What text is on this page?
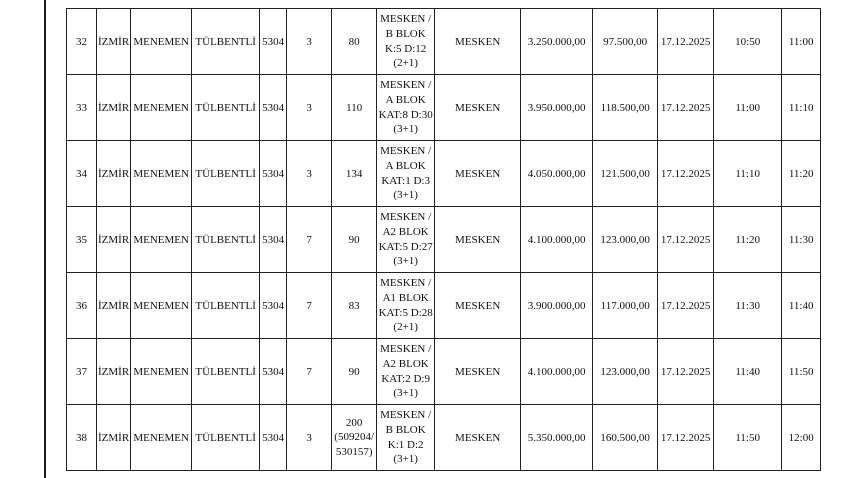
32	İZMİR	MENEMEN	TÜLBENTLİ	5304	3	80	MESKEN / B BLOK K:5 D:12 (2+1)	MESKEN	3.250.000,00	97.500,00	17.12.2025	10:50	11:00
33	İZMİR	MENEMEN	TÜLBENTLİ	5304	3	110	MESKEN / A BLOK KAT:8 D:30 (3+1)	MESKEN	3.950.000,00	118.500,00	17.12.2025	11:00	11:10
34	İZMİR	MENEMEN	TÜLBENTLİ	5304	3	134	MESKEN / A BLOK KAT:1 D:3 (3+1)	MESKEN	4.050.000,00	121.500,00	17.12.2025	11:10	11:20
35	İZMİR	MENEMEN	TÜLBENTLİ	5304	7	90	MESKEN / A2 BLOK KAT:5 D:27 (3+1)	MESKEN	4.100.000,00	123.000,00	17.12.2025	11:20	11:30
36	İZMİR	MENEMEN	TÜLBENTLİ	5304	7	83	MESKEN / A1 BLOK KAT:5 D:28 (2+1)	MESKEN	3.900.000,00	117.000,00	17.12.2025	11:30	11:40
37	İZMİR	MENEMEN	TÜLBENTLİ	5304	7	90	MESKEN / A2 BLOK KAT:2 D:9 (3+1)	MESKEN	4.100.000,00	123.000,00	17.12.2025	11:40	11:50
38	İZMİR	MENEMEN	TÜLBENTLİ	5304	3	200 (509204/ 530157)	MESKEN / B BLOK K:1 D:2 (3+1)	MESKEN	5.350.000,00	160.500,00	17.12.2025	11:50	12:00
